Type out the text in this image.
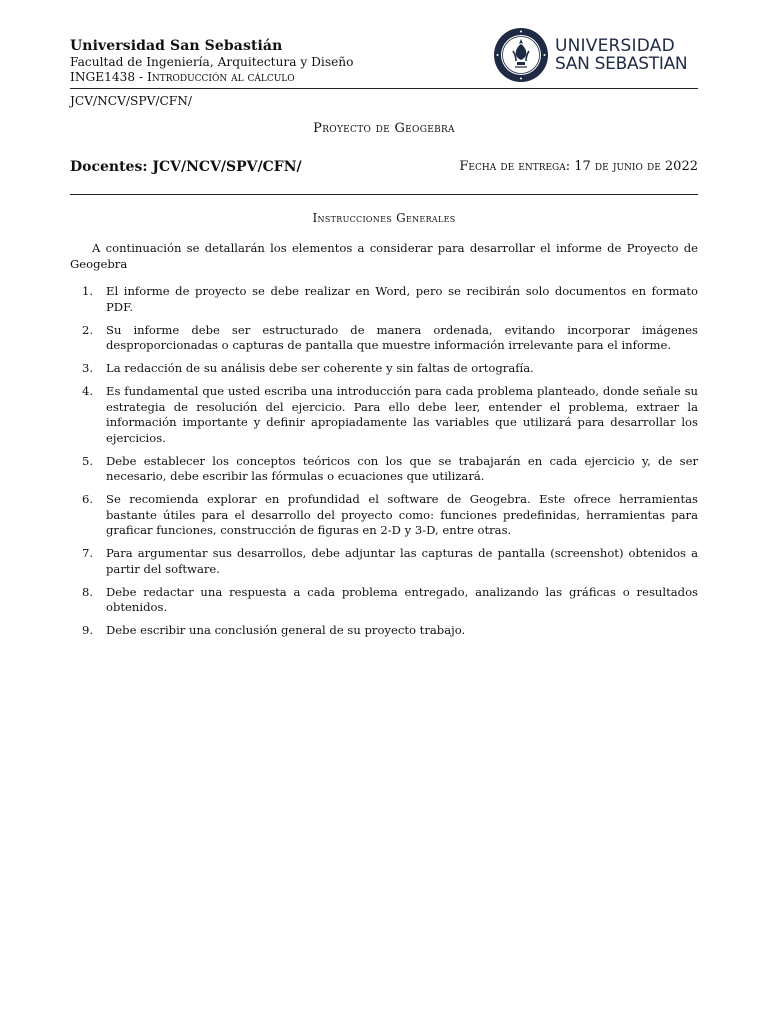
Universidad San Sebastián
Facultad de Ingeniería, Arquitectura y Diseño
INGE1438 - Introducción al cálculo
UNIVERSIDAD
SAN SEBASTIAN
JCV/NCV/SPV/CFN/
Proyecto de Geogebra
Docentes: JCV/NCV/SPV/CFN/	Fecha de entrega: 17 de junio de 2022
Instrucciones Generales

A continuación se detallarán los elementos a considerar para desarrollar el informe de Proyecto de Geogebra

1.	El informe de proyecto se debe realizar en Word, pero se recibirán solo documentos en formato PDF.
2.	Su informe debe ser estructurado de manera ordenada, evitando incorporar imágenes desproporcionadas o capturas de pantalla que muestre información irrelevante para el informe.
3.	La redacción de su análisis debe ser coherente y sin faltas de ortografía.
4.	Es fundamental que usted escriba una introducción para cada problema planteado, donde señale su estrategia de resolución del ejercicio. Para ello debe leer, entender el problema, extraer la información importante y definir apropiadamente las variables que utilizará para desarrollar los ejercicios.
5.	Debe establecer los conceptos teóricos con los que se trabajarán en cada ejercicio y, de ser necesario, debe escribir las fórmulas o ecuaciones que utilizará.
6.	Se recomienda explorar en profundidad el software de Geogebra. Este ofrece herramientas bastante útiles para el desarrollo del proyecto como: funciones predefinidas, herramientas para graficar funciones, construcción de figuras en 2-D y 3-D, entre otras.
7.	Para argumentar sus desarrollos, debe adjuntar las capturas de pantalla (screenshot) obtenidos a partir del software.
8.	Debe redactar una respuesta a cada problema entregado, analizando las gráficas o resultados obtenidos.
9.	Debe escribir una conclusión general de su proyecto trabajo.
